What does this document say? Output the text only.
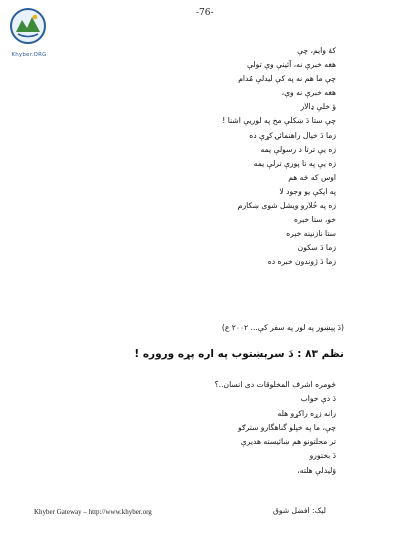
Khyber.ORG
-76-
کهٔ وایم، چې
هغه خبرې نه، آئینې وې تولې
چې ما هم نه په کې لیدلې مُدام
هغه خبرې نه وې،
ؤ خلې ډالار
چې ستا دَ ښکلې مخ په لوريې اشنا !
زما دَ خیال راهنمائۍ کړې ده
زه يې ترتا د رسولې یمه
زه يې په تا پورې ترلې يمه
اوس که څه هم
په ایکې يو وجود لا
زه په خُلارو ویشل شوی ښکارم
خو، ستا خبره
ستا نازنینه خبره
زما دَ سکون
زما دَ ژوندون خبره ده
(دَ پېښور په لور په سفر کې... ۲۰۰۲ ع)
نظم ۸۳ : دَ سرېښتوب په اره پړه وروره !
څومره اشرف المخلوقات دی انسان..؟
دَ دې خواب
رانه زړه راکړو هله
چې، ما په خپلو گناهگارو سترګو
تر محلتونو هم ښائیسته هدیرې
دَ بختورو
وَليدلې هلته،
Khyber Gateway – http://www.khyber.org	لیک: افضل شوق
